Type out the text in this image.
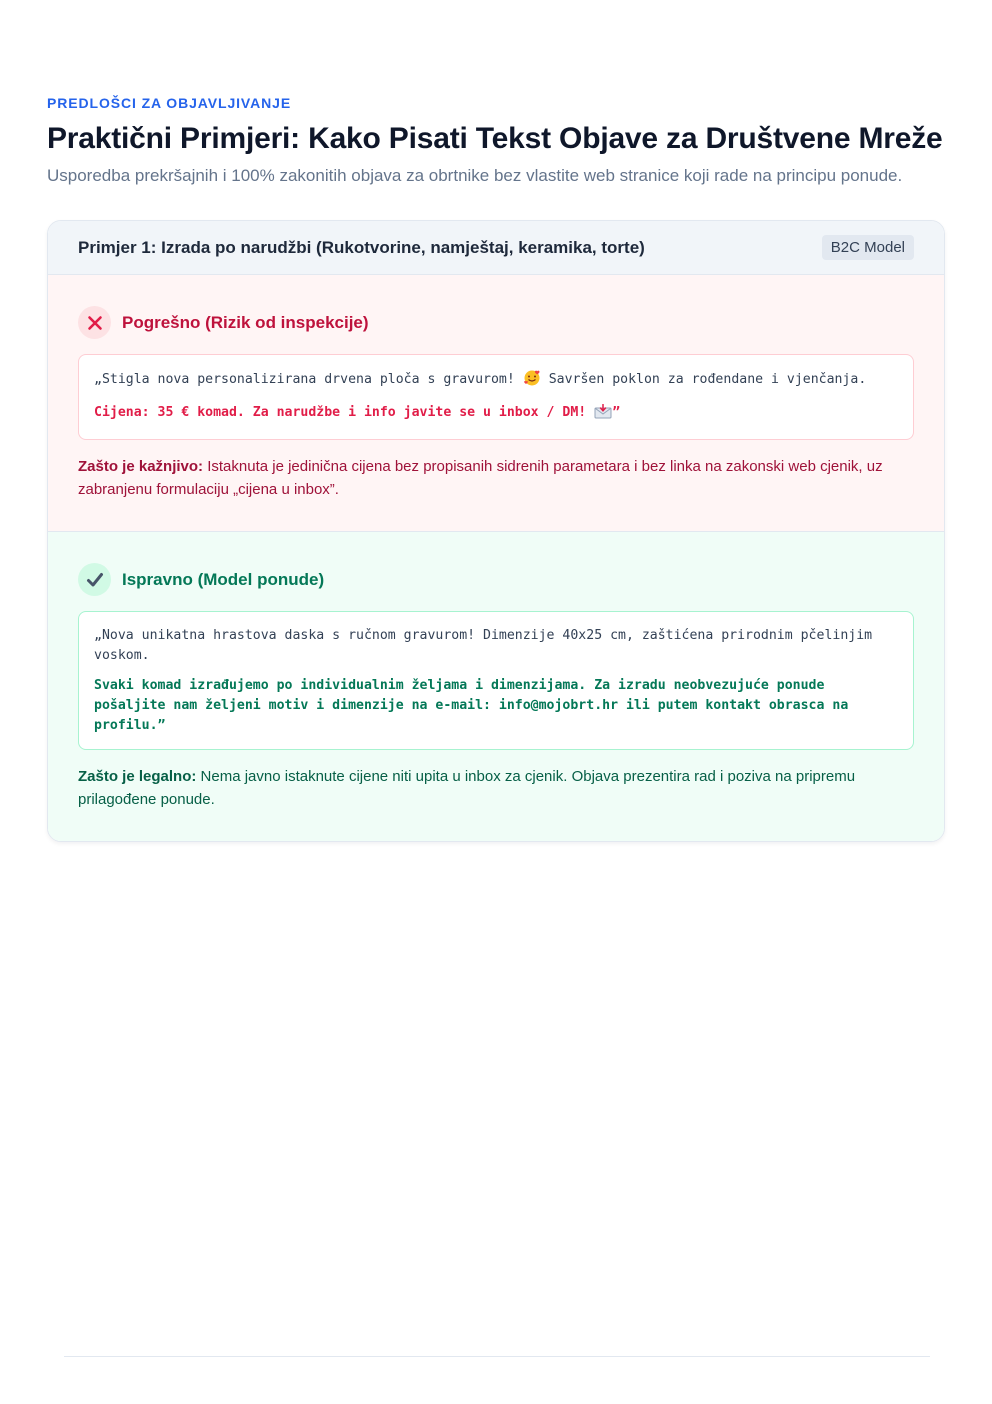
PREDLOŠCI ZA OBJAVLJIVANJE

Praktični Primjeri: Kako Pisati Tekst Objave za Društvene Mreže

Usporedba prekršajnih i 100% zakonitih objava za obrtnike bez vlastite web stranice koji rade na principu ponude.

Primjer 1: Izrada po narudžbi (Rukotvorine, namještaj, keramika, torte)	B2C Model
Pogrešno (Rizik od inspekcije)

„Stigla nova personalizirana drvena ploča s gravurom!	Savršen poklon za rođendane i vjenčanja.

Cijena: 35 € komad. Za narudžbe i info javite se u inbox / DM! ”

Zašto je kažnjivo: Istaknuta je jedinična cijena bez propisanih sidrenih parametara i bez linka na zakonski web cjenik, uz zabranjenu formulaciju „cijena u inbox”.
Ispravno (Model ponude)

„Nova unikatna hrastova daska s ručnom gravurom! Dimenzije 40x25 cm, zaštićena prirodnim pčelinjim voskom.

Svaki komad izrađujemo po individualnim željama i dimenzijama. Za izradu neobvezujuće ponude pošaljite nam željeni motiv i dimenzije na e-mail: info@mojobrt.hr ili putem kontakt obrasca na profilu.”

Zašto je legalno: Nema javno istaknute cijene niti upita u inbox za cjenik. Objava prezentira rad i poziva na pripremu prilagođene ponude.
